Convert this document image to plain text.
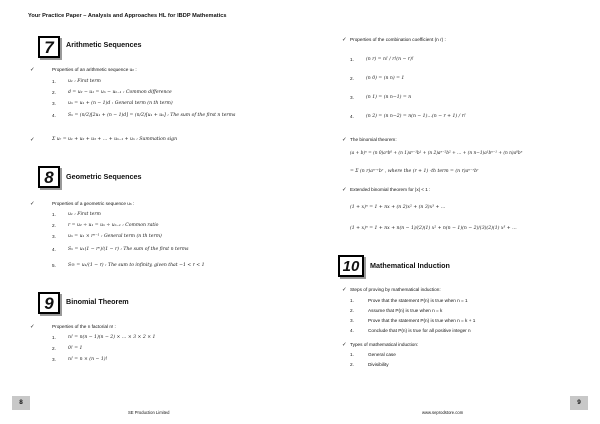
Your Practice Paper – Analysis and Approaches HL for IBDP Mathematics
7	Arithmetic Sequences
✓	Properties of an arithmetic sequence uₙ :
1.	u₁ : First term
2.	d = u₂ − u₁ = uₙ − uₙ₋₁ : Common difference
3.	uₙ = u₁ + (n − 1)d : General term (n th term)
4.	Sₙ = (n/2)[2u₁ + (n − 1)d] = (n/2)[u₁ + uₙ] : The sum of the first n terms
✓	Σ uᵣ = u₁ + u₂ + u₃ + … + uₙ₋₁ + uₙ : Summation sign
8	Geometric Sequences
✓	Properties of a geometric sequence uₙ :
1.	u₁ : First term
2.	r = u₂ ÷ u₁ = uₙ ÷ uₙ₋₁ : Common ratio
3.	uₙ = u₁ × rⁿ⁻¹ : General term (n th term)
4.	Sₙ = u₁(1 − rⁿ)/(1 − r) : The sum of the first n terms
5.	S∞ = u₁/(1 − r) : The sum to infinity, given that −1 < r < 1
9	Binomial Theorem
✓	Properties of the n factorial n! :
1.	n! = n(n − 1)(n − 2) × … × 3 × 2 × 1
2.	0! = 1
3.	n! = n × (n − 1)!
8
SE Production Limited
✓ Properties of the combination coefficient (n r) :
1.	(n r) = n! / r!(n − r)!
2.	(n 0) = (n n) = 1
3.	(n 1) = (n n−1) = n
4.	(n 2) = (n n−2) = n(n − 1)…(n − r + 1) / r!
✓ The binomial theorem:
(a + b)ⁿ = (n 0)aⁿb⁰ + (n 1)aⁿ⁻¹b¹ + (n 2)aⁿ⁻²b² + … + (n n−1)a¹bⁿ⁻¹ + (n n)a⁰bⁿ
= Σ (n r)aⁿ⁻ʳbʳ , where the (r + 1) -th term = (n r)aⁿ⁻ʳbʳ
✓ Extended binomial theorem for |x| < 1 :
(1 + x)ⁿ = 1 + nx + (n 2)x² + (n 3)x³ + …
(1 + x)ⁿ = 1 + nx + n(n − 1)/(2)(1) x² + n(n − 1)(n − 2)/(3)(2)(1) x³ + …
10	Mathematical Induction
✓ Steps of proving by mathematical induction:
1.	Prove that the statement P(n) is true when n = 1
2.	Assume that P(n) is true when n = k
3.	Prove that the statement P(n) is true when n = k + 1
4.	Conclude that P(n) is true for all positive integer n
✓ Types of mathematical induction:
1.	General case
2.	Divisibility
9
www.seprodstore.com
